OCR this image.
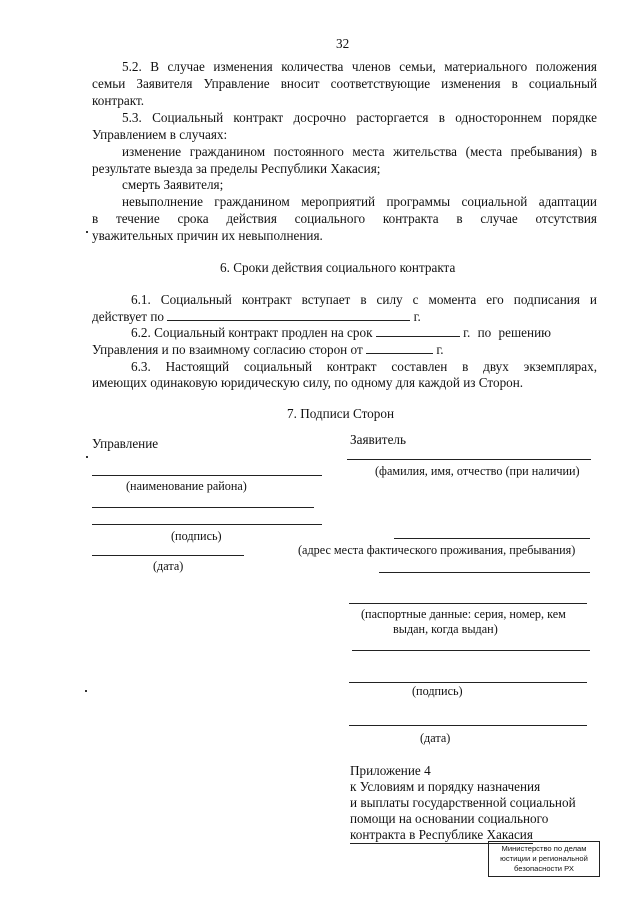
32
5.2. В случае изменения количества членов семьи, материального положения
семьи Заявителя Управление вносит соответствующие изменения в социальный
контракт.
5.3. Социальный контракт досрочно расторгается в одностороннем порядке
Управлением в случаях:
изменение гражданином постоянного места жительства (места пребывания) в
результате выезда за пределы Республики Хакасия;
смерть Заявителя;
невыполнение гражданином мероприятий программы социальной адаптации
в течение срока действия социального контракта в случае отсутствия
уважительных причин их невыполнения.
6. Сроки действия социального контракта
6.1. Социальный контракт вступает в силу с момента его подписания и
действует по	г.
6.2. Социальный контракт продлен на срок	г. по решению
Управления и по взаимному согласию сторон от	г.
6.3. Настоящий социальный контракт составлен в двух экземплярах,
имеющих одинаковую юридическую силу, по одному для каждой из Сторон.
7. Подписи Сторон
Управление
(наименование района)
(подпись)
(дата)
Заявитель
(фамилия, имя, отчество (при наличии)
(адрес места фактического проживания, пребывания)
(паспортные данные: серия, номер, кем
выдан, когда выдан)
(подпись)
(дата)
Приложение 4
к Условиям и порядку назначения
и выплаты государственной социальной
помощи на основании социального
контракта в Республике Хакасия
Министерство по делам
юстиции и региональной
безопасности РХ
